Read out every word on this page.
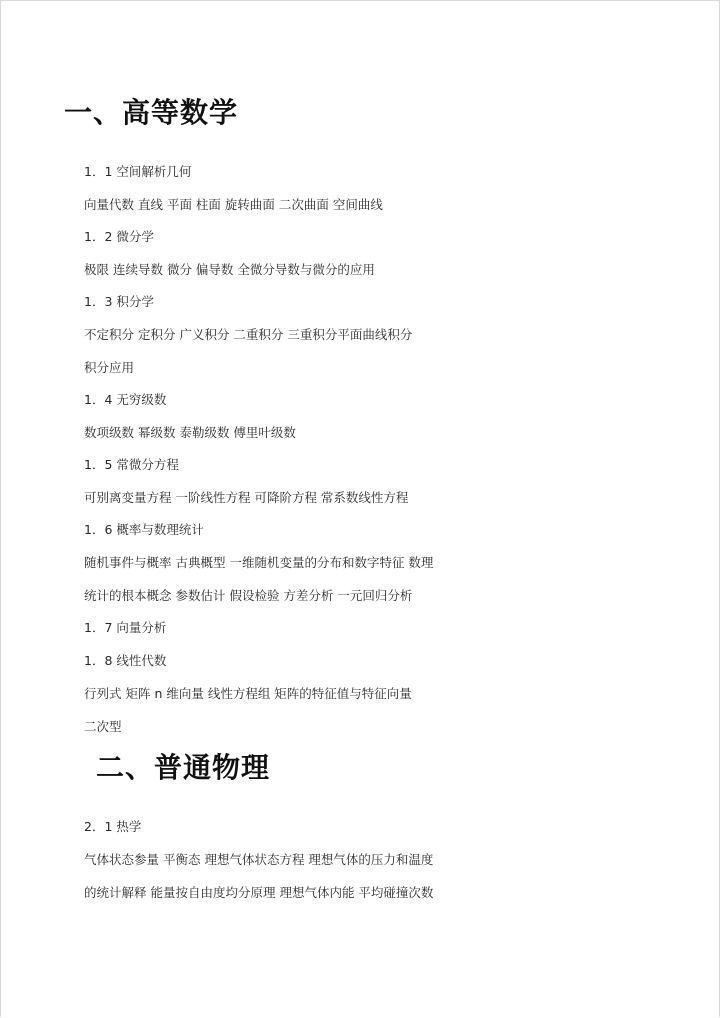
一、高等数学
1．1 空间解析几何
向量代数 直线 平面 柱面 旋转曲面 二次曲面 空间曲线
1．2 微分学
极限 连续导数 微分 偏导数 全微分导数与微分的应用
1．3 积分学
不定积分 定积分 广义积分 二重积分 三重积分平面曲线积分
积分应用
1．4 无穷级数
数项级数 幂级数 泰勒级数 傅里叶级数
1．5 常微分方程
可别离变量方程 一阶线性方程 可降阶方程 常系数线性方程
1．6 概率与数理统计
随机事件与概率 古典概型 一维随机变量的分布和数字特征 数理
统计的根本概念 参数估计 假设检验 方差分析 一元回归分析
1．7 向量分析
1．8 线性代数
行列式 矩阵 n 维向量 线性方程组 矩阵的特征值与特征向量
二次型
二、普通物理
2．1 热学
气体状态参量 平衡态 理想气体状态方程 理想气体的压力和温度
的统计解释 能量按自由度均分原理 理想气体内能 平均碰撞次数
